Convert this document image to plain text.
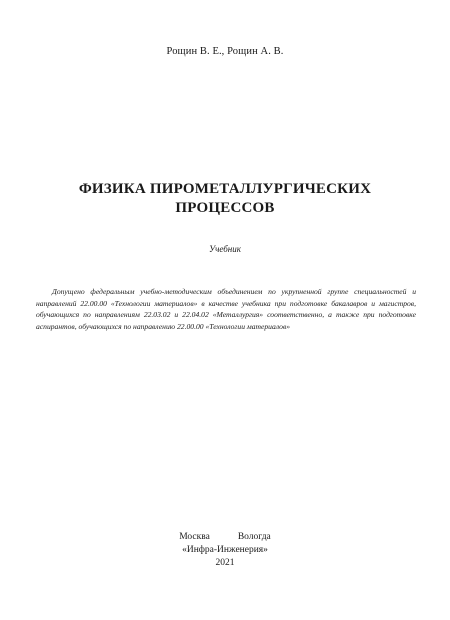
Рощин В. Е., Рощин А. В.
ФИЗИКА ПИРОМЕТАЛЛУРГИЧЕСКИХ
ПРОЦЕССОВ
Учебник
Допущено федеральным учебно-методическим объединением по укрупненной группе специальностей и направлений 22.00.00 «Технологии материалов» в качестве учебника при подготовке бакалавров и магистров, обучающихся по направлениям 22.03.02 и 22.04.02 «Металлургия» соответственно, а также при подготовке аспирантов, обучающихся по направлению 22.00.00 «Технологии материалов»
Москва	Вологда
«Инфра-Инженерия»
2021
